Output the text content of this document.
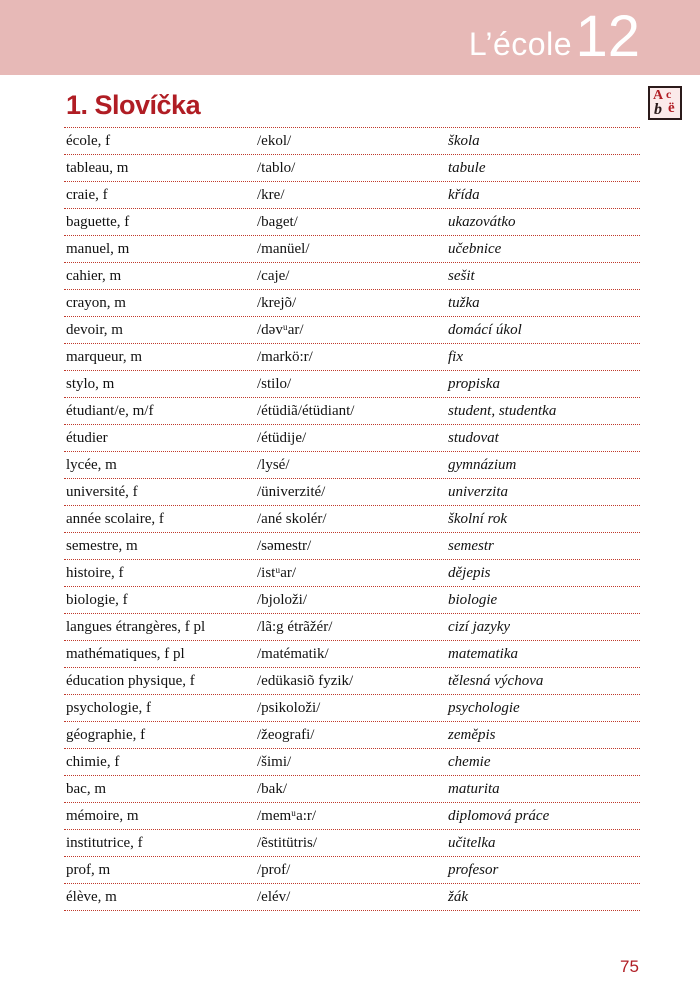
L’école 12
1. Slovíčka	A c
b ë
école, f	/ekol/	škola
tableau, m	/tablo/	tabule
craie, f	/kre/	křída
baguette, f	/baget/	ukazovátko
manuel, m	/manüel/	učebnice
cahier, m	/caje/	sešit
crayon, m	/krejõ/	tužka
devoir, m	/dəvᵘar/	domácí úkol
marqueur, m	/markö:r/	fix
stylo, m	/stilo/	propiska
étudiant/e, m/f	/étüdiã/étüdiant/	student, studentka
étudier	/étüdije/	studovat
lycée, m	/lysé/	gymnázium
université, f	/üniverzité/	univerzita
année scolaire, f	/ané skolér/	školní rok
semestre, m	/səmestr/	semestr
histoire, f	/istᵘar/	dějepis
biologie, f	/bjoloži/	biologie
langues étrangères, f pl	/lã:g étrãžér/	cizí jazyky
mathématiques, f pl	/matématik/	matematika
éducation physique, f	/edükasiõ fyzik/	tělesná výchova
psychologie, f	/psikoloži/	psychologie
géographie, f	/žeografi/	zeměpis
chimie, f	/šimi/	chemie
bac, m	/bak/	maturita
mémoire, m	/memᵘa:r/	diplomová práce
institutrice, f	/ẽstitütris/	učitelka
prof, m	/prof/	profesor
élève, m	/elév/	žák
75
